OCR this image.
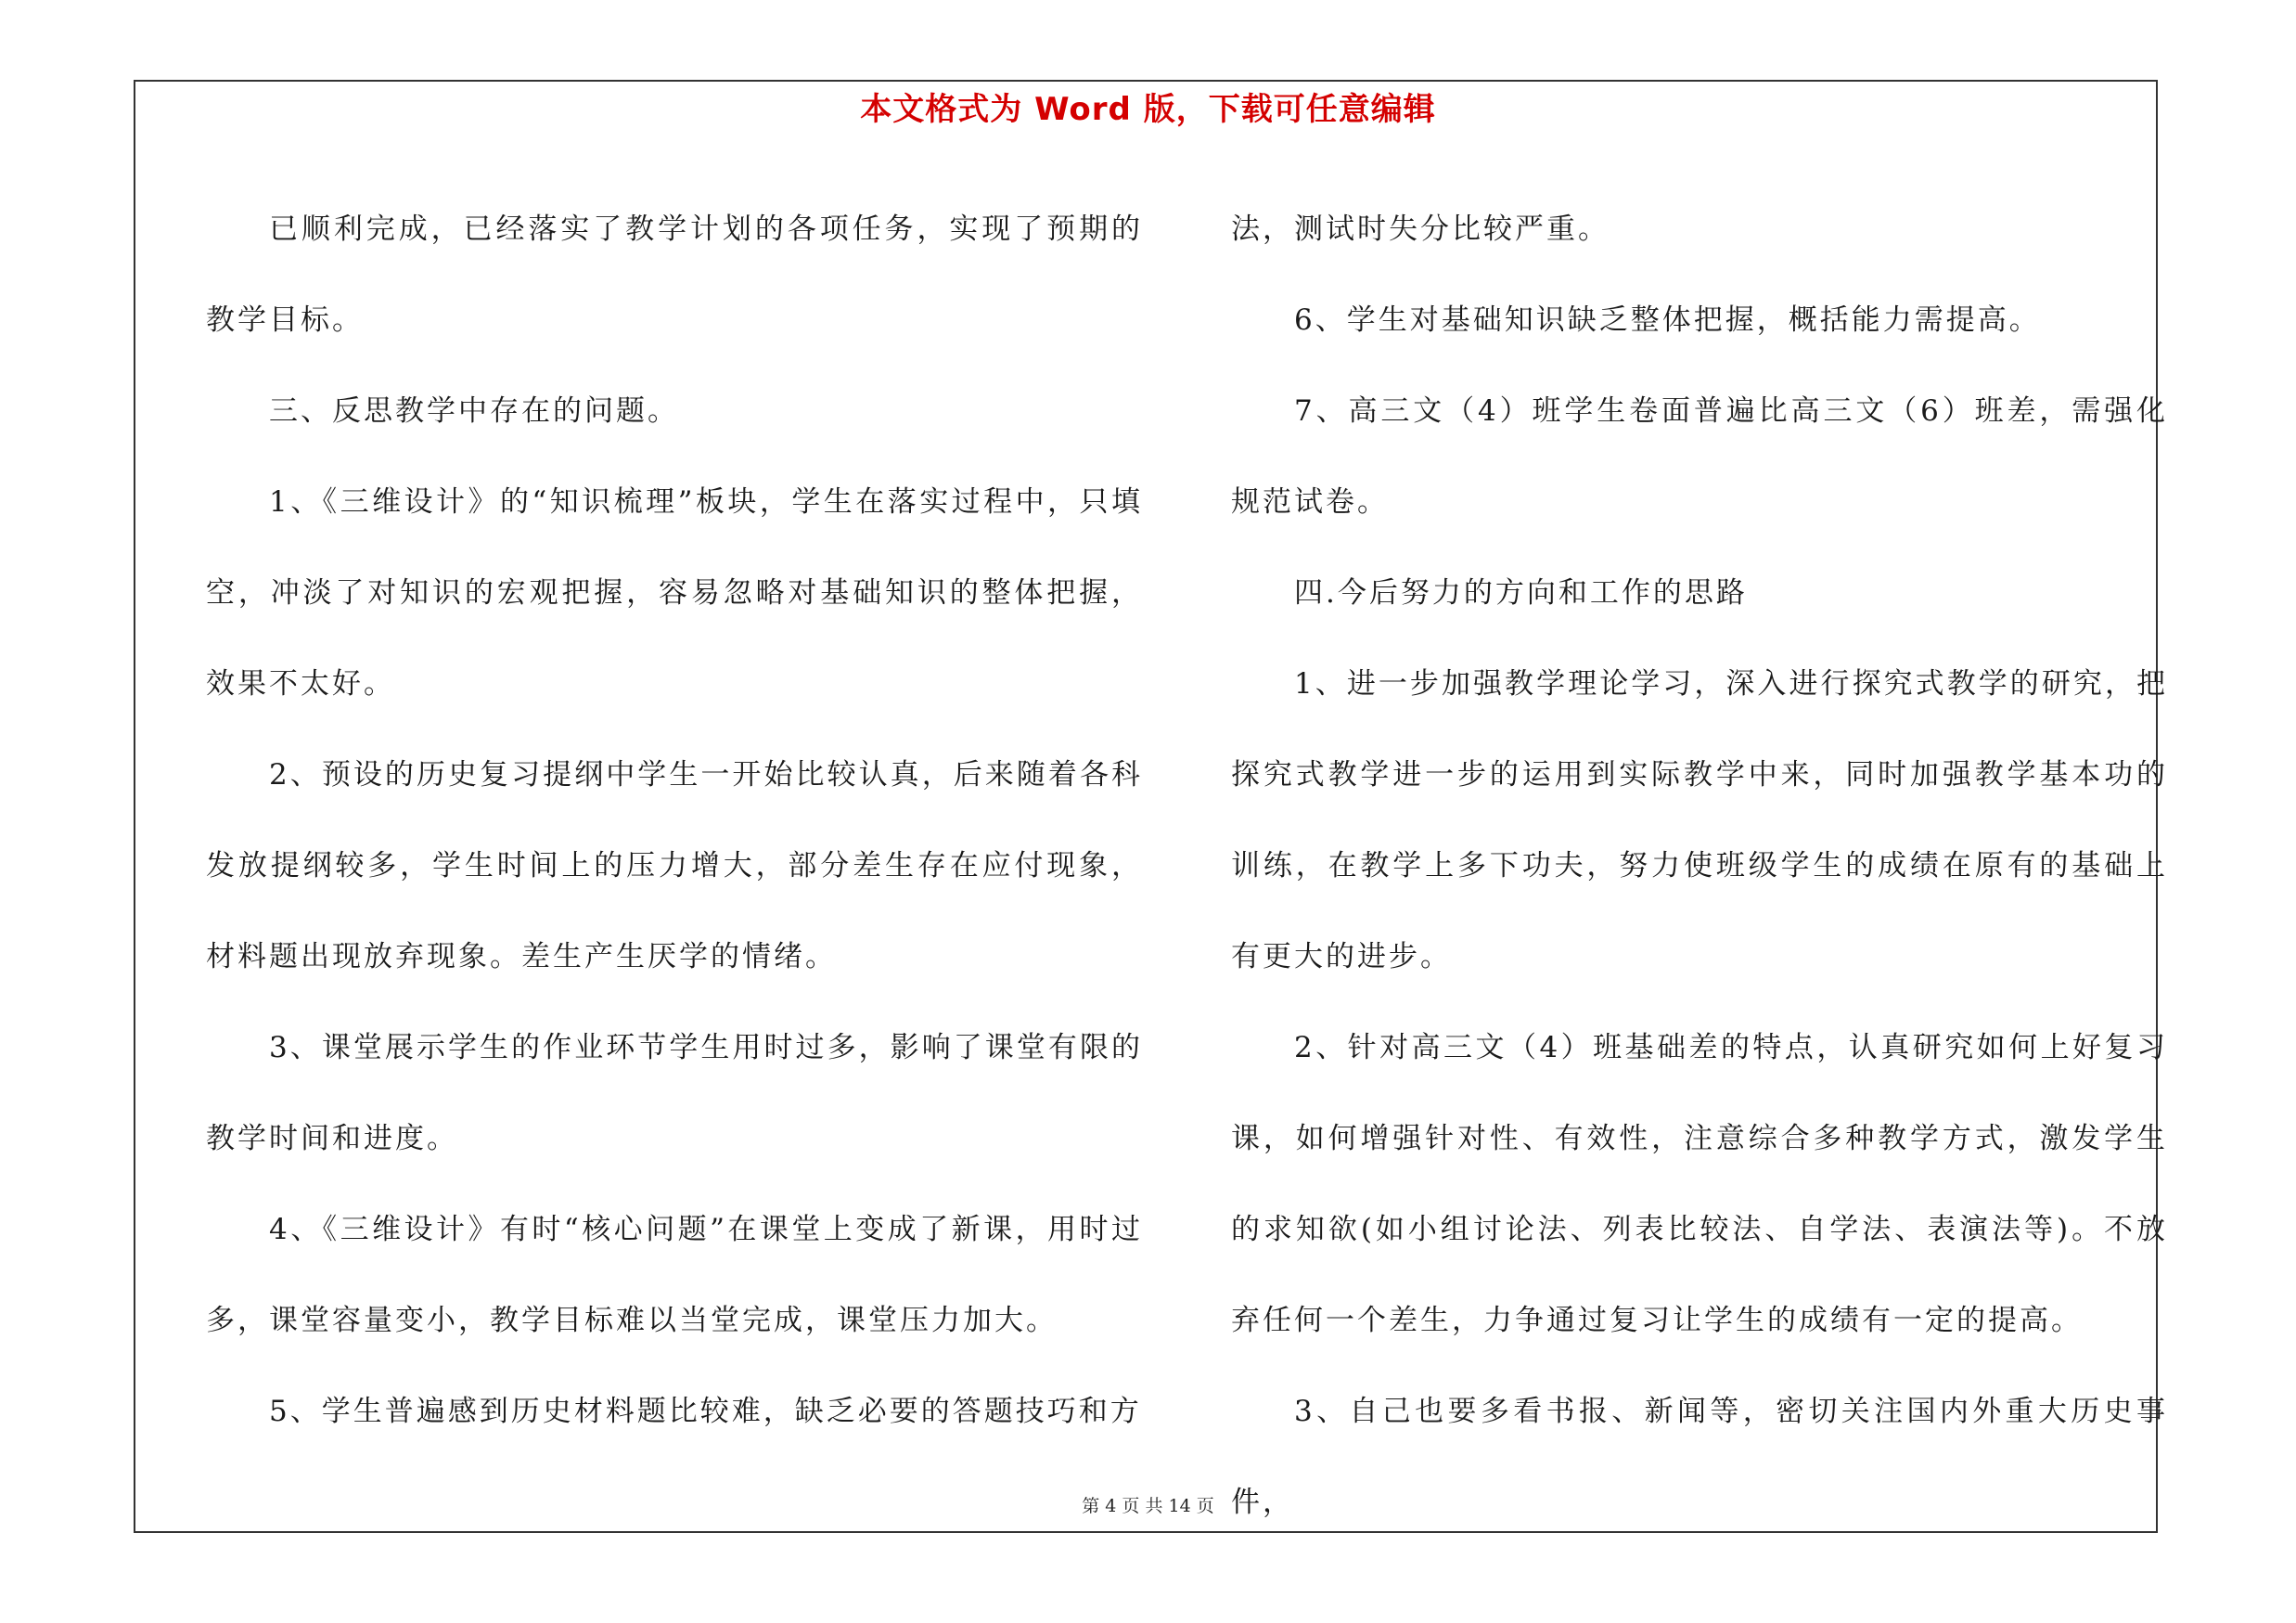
本文格式为 Word 版，下载可任意编辑

已顺利完成，已经落实了教学计划的各项任务，实现了预期的教学目标。

三、反思教学中存在的问题。

1、《三维设计》的“知识梳理”板块，学生在落实过程中，只填空，冲淡了对知识的宏观把握，容易忽略对基础知识的整体把握，效果不太好。

2、预设的历史复习提纲中学生一开始比较认真，后来随着各科发放提纲较多，学生时间上的压力增大，部分差生存在应付现象，材料题出现放弃现象。差生产生厌学的情绪。

3、课堂展示学生的作业环节学生用时过多，影响了课堂有限的教学时间和进度。

4、《三维设计》有时“核心问题”在课堂上变成了新课，用时过多，课堂容量变小，教学目标难以当堂完成，课堂压力加大。

5、学生普遍感到历史材料题比较难，缺乏必要的答题技巧和方

法，测试时失分比较严重。

6、学生对基础知识缺乏整体把握，概括能力需提高。

7、高三文（4）班学生卷面普遍比高三文（6）班差，需强化规范试卷。

四.今后努力的方向和工作的思路

1、进一步加强教学理论学习，深入进行探究式教学的研究，把探究式教学进一步的运用到实际教学中来，同时加强教学基本功的训练，在教学上多下功夫，努力使班级学生的成绩在原有的基础上有更大的进步。

2、针对高三文（4）班基础差的特点，认真研究如何上好复习课，如何增强针对性、有效性，注意综合多种教学方式，激发学生的求知欲(如小组讨论法、列表比较法、自学法、表演法等)。不放弃任何一个差生，力争通过复习让学生的成绩有一定的提高。

3、自己也要多看书报、新闻等，密切关注国内外重大历史事件，

第 4 页 共 14 页
